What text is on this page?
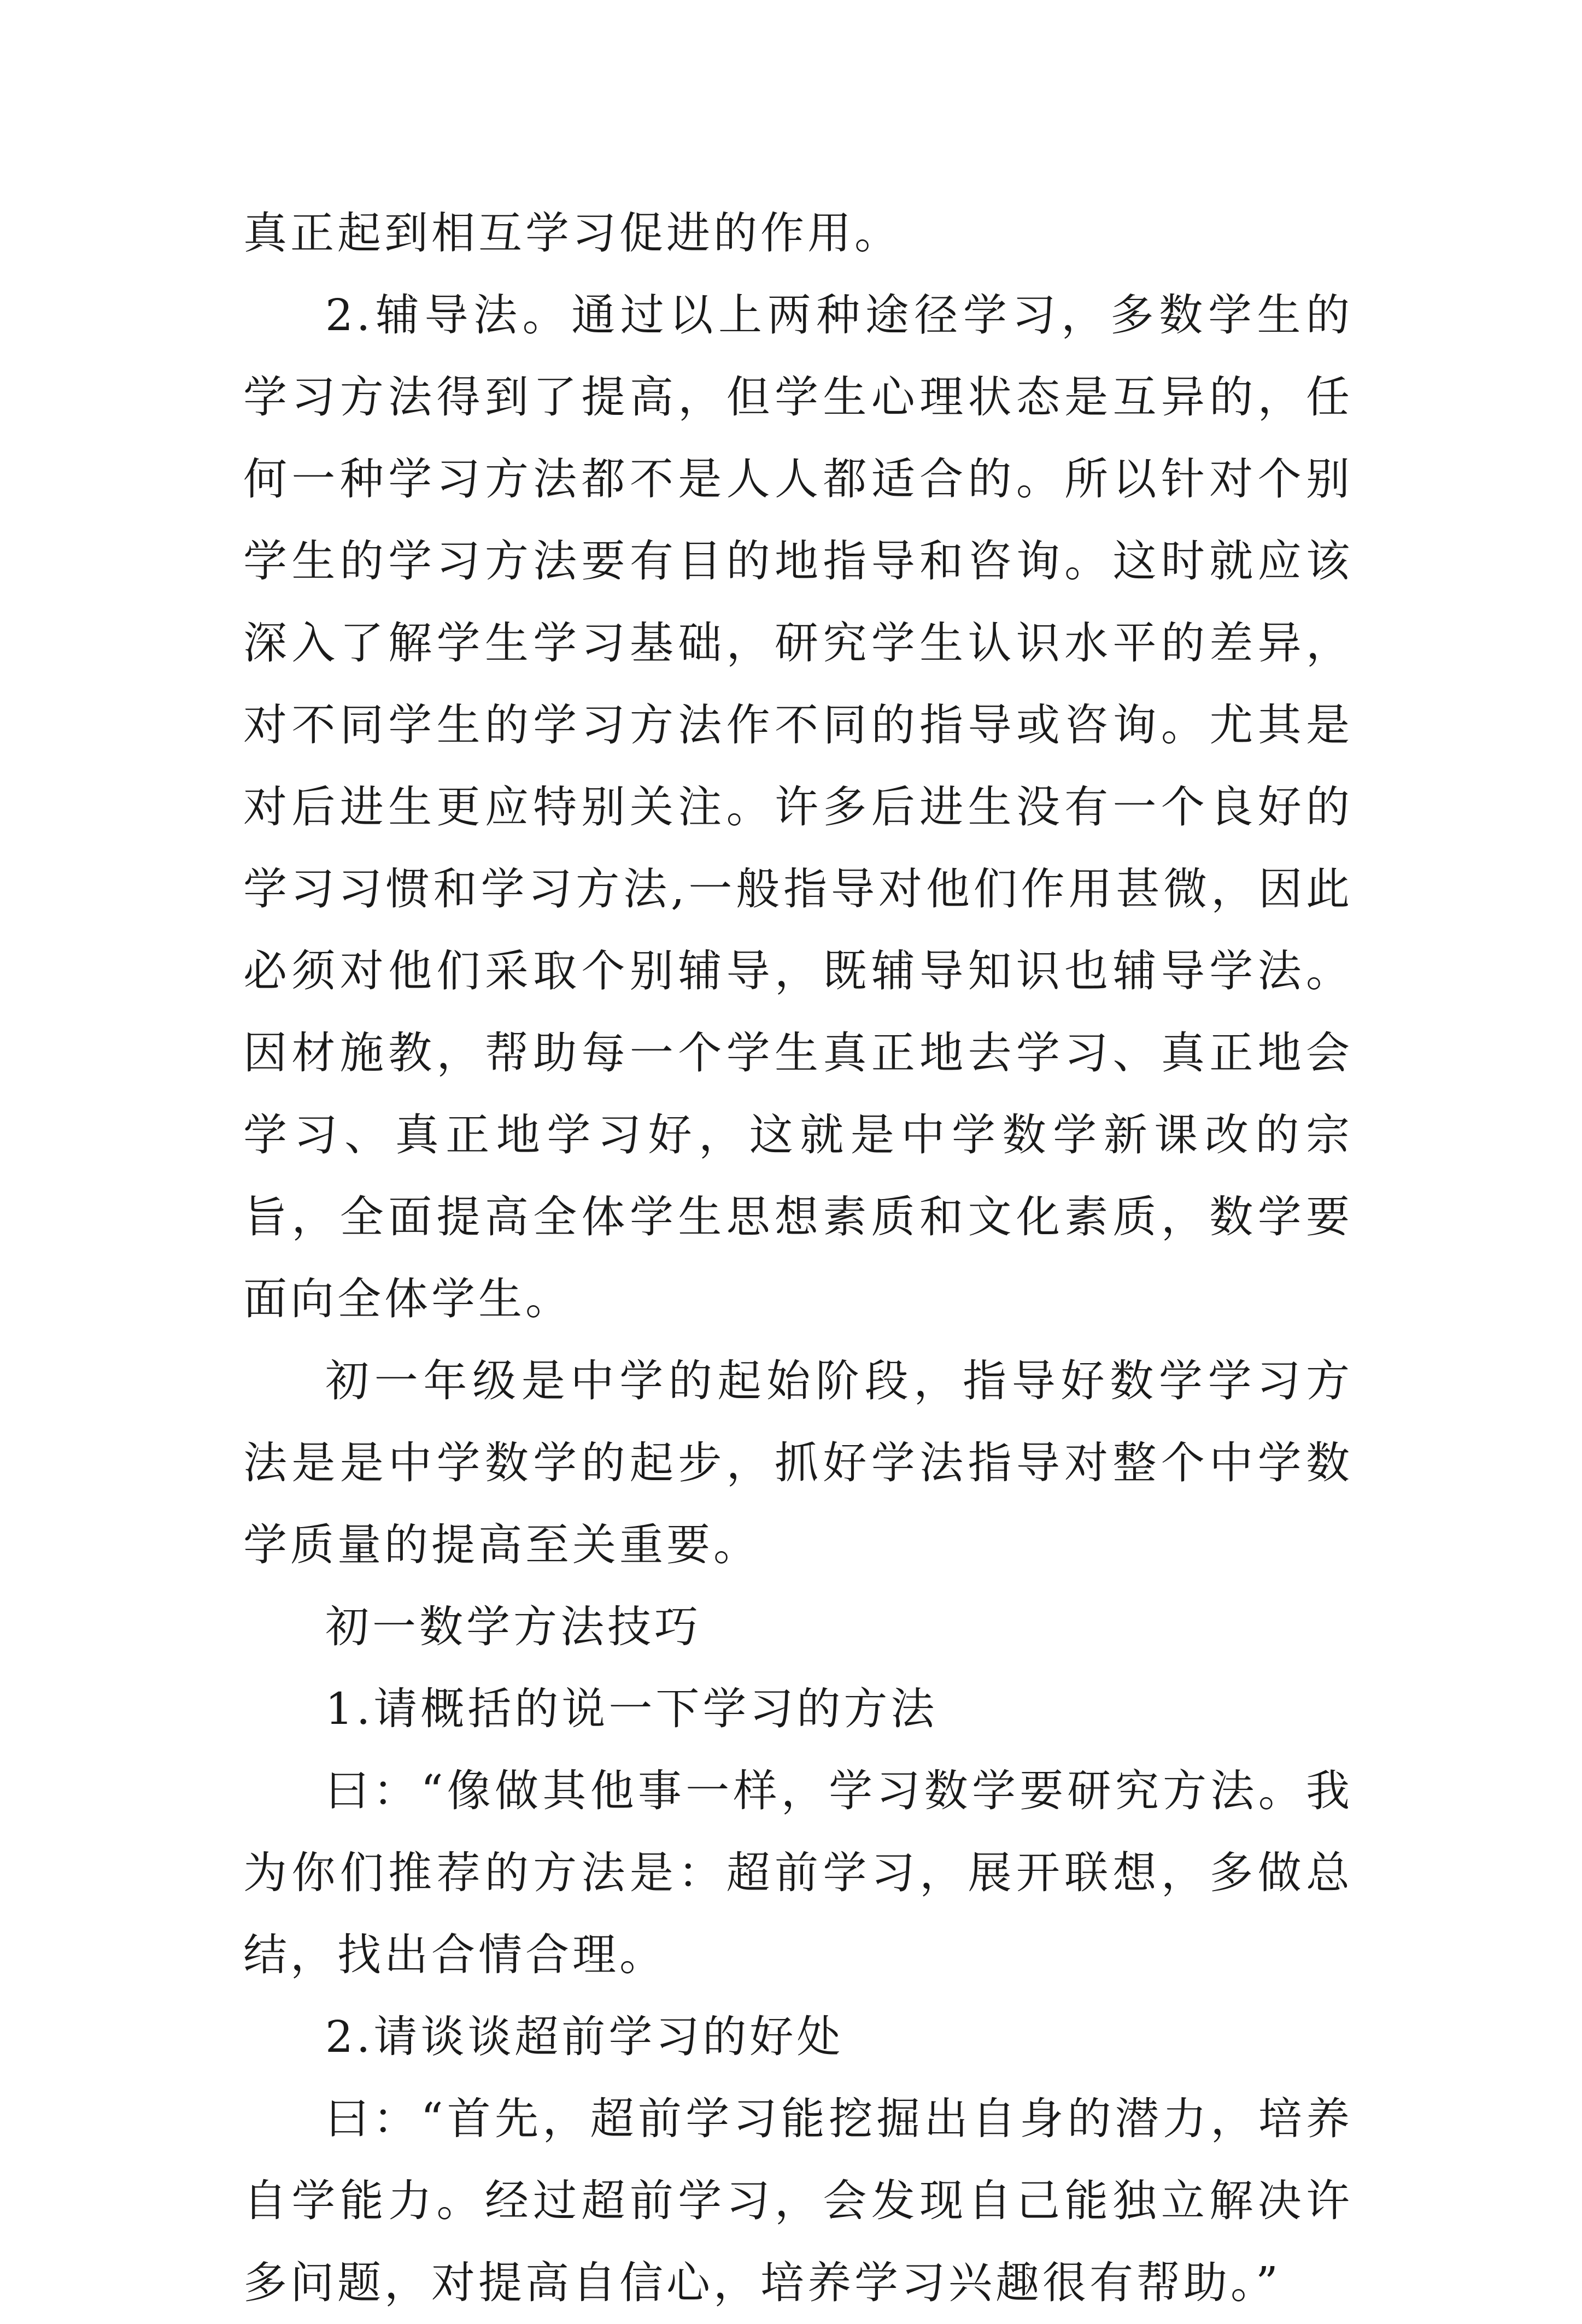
真正起到相互学习促进的作用。

2.辅导法。通过以上两种途径学习，多数学生的学习方法得到了提高，但学生心理状态是互异的，任何一种学习方法都不是人人都适合的。所以针对个别学生的学习方法要有目的地指导和咨询。这时就应该深入了解学生学习基础，研究学生认识水平的差异，对不同学生的学习方法作不同的指导或咨询。尤其是对后进生更应特别关注。许多后进生没有一个良好的学习习惯和学习方法,一般指导对他们作用甚微，因此必须对他们采取个别辅导，既辅导知识也辅导学法。因材施教，帮助每一个学生真正地去学习、真正地会学习、真正地学习好，这就是中学数学新课改的宗旨，全面提高全体学生思想素质和文化素质，数学要面向全体学生。

初一年级是中学的起始阶段，指导好数学学习方法是是中学数学的起步，抓好学法指导对整个中学数学质量的提高至关重要。

初一数学方法技巧

1.请概括的说一下学习的方法

曰：“像做其他事一样，学习数学要研究方法。我为你们推荐的方法是：超前学习，展开联想，多做总结，找出合情合理。

2.请谈谈超前学习的好处

曰：“首先，超前学习能挖掘出自身的潜力，培养自学能力。经过超前学习，会发现自己能独立解决许多问题，对提高自信心，培养学习兴趣很有帮助。”
